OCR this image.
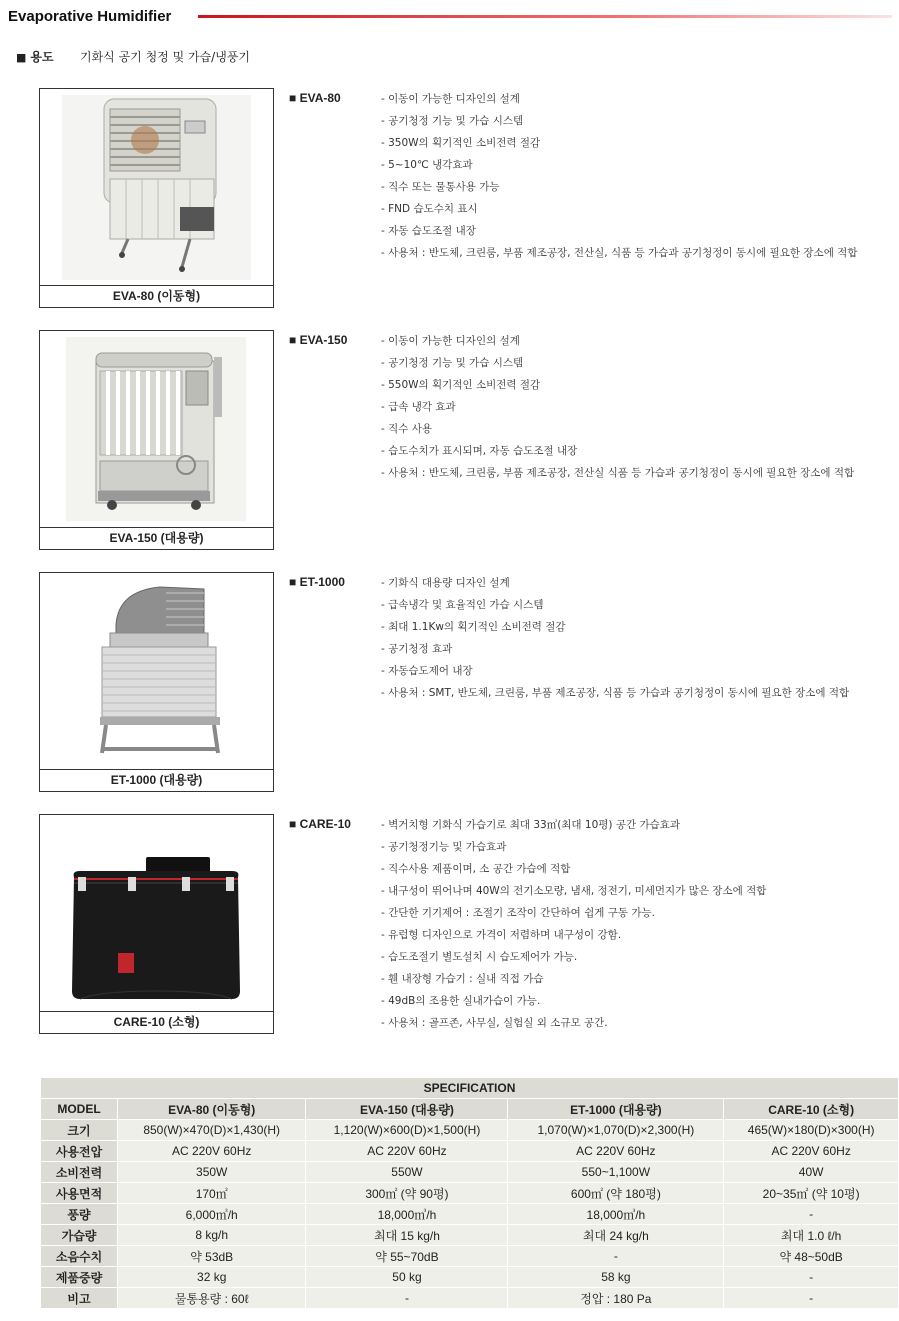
Evaporative Humidifier
■ 용도 기화식 공기 청정 및 가습/냉풍기
EVA-80 (이동형)
■ EVA-80	- 이동이 가능한 디자인의 설계
- 공기청정 기능 및 가습 시스템
- 350W의 획기적인 소비전력 절감
- 5~10℃ 냉각효과
- 직수 또는 물통사용 가능
- FND 습도수치 표시
- 자동 습도조절 내장
- 사용처 : 반도체, 크린룸, 부품 제조공장, 전산실, 식품 등 가습과 공기청정이 동시에 필요한 장소에 적합
EVA-150 (대용량)
■ EVA-150	- 이동이 가능한 디자인의 설계
- 공기청정 기능 및 가습 시스템
- 550W의 획기적인 소비전력 절감
- 급속 냉각 효과
- 직수 사용
- 습도수치가 표시되며, 자동 습도조절 내장
- 사용처 : 반도체, 크린룸, 부품 제조공장, 전산실 식품 등 가습과 공기청정이 동시에 필요한 장소에 적합
ET-1000 (대용량)
■ ET-1000	- 기화식 대용량 디자인 설계
- 급속냉각 및 효율적인 가습 시스템
- 최대 1.1Kw의 획기적인 소비전력 절감
- 공기청정 효과
- 자동습도제어 내장
- 사용처 : SMT, 반도체, 크린룸, 부품 제조공장, 식품 등 가습과 공기청정이 동시에 필요한 장소에 적합
CARE-10 (소형)
■ CARE-10	- 벽거치형 기화식 가습기로 최대 33㎡(최대 10평) 공간 가습효과
- 공기청정기능 및 가습효과
- 직수사용 제품이며, 소 공간 가습에 적합
- 내구성이 뛰어나며 40W의 전기소모량, 냄새, 정전기, 미세먼지가 많은 장소에 적합
- 간단한 기기제어 : 조절기 조작이 간단하여 쉽게 구동 가능.
- 유럽형 디자인으로 가격이 저렴하며 내구성이 강함.
- 습도조절기 별도설치 시 습도제어가 가능.
- 휀 내장형 가습기 : 실내 직접 가습
- 49dB의 조용한 실내가습이 가능.
- 사용처 : 골프존, 사무실, 실험실 외 소규모 공간.
SPECIFICATION				
MODEL	EVA-80 (이동형)	EVA-150 (대용량)	ET-1000 (대용량)	CARE-10 (소형)
크기	850(W)×470(D)×1,430(H)	1,120(W)×600(D)×1,500(H)	1,070(W)×1,070(D)×2,300(H)	465(W)×180(D)×300(H)
사용전압	AC 220V 60Hz	AC 220V 60Hz	AC 220V 60Hz	AC 220V 60Hz
소비전력	350W	550W	550~1,100W	40W
사용면적	170㎡	300㎡ (약 90평)	600㎡ (약 180평)	20~35㎡ (약 10평)
풍량	6,000㎥/h	18,000㎥/h	18,000㎥/h	-
가습량	8 kg/h	최대 15 kg/h	최대 24 kg/h	최대 1.0 ℓ/h
소음수치	약 53dB	약 55~70dB	-	약 48~50dB
제품중량	32 kg	50 kg	58 kg	-
비고	물통용량 : 60ℓ	-	정압 : 180 Pa	-
